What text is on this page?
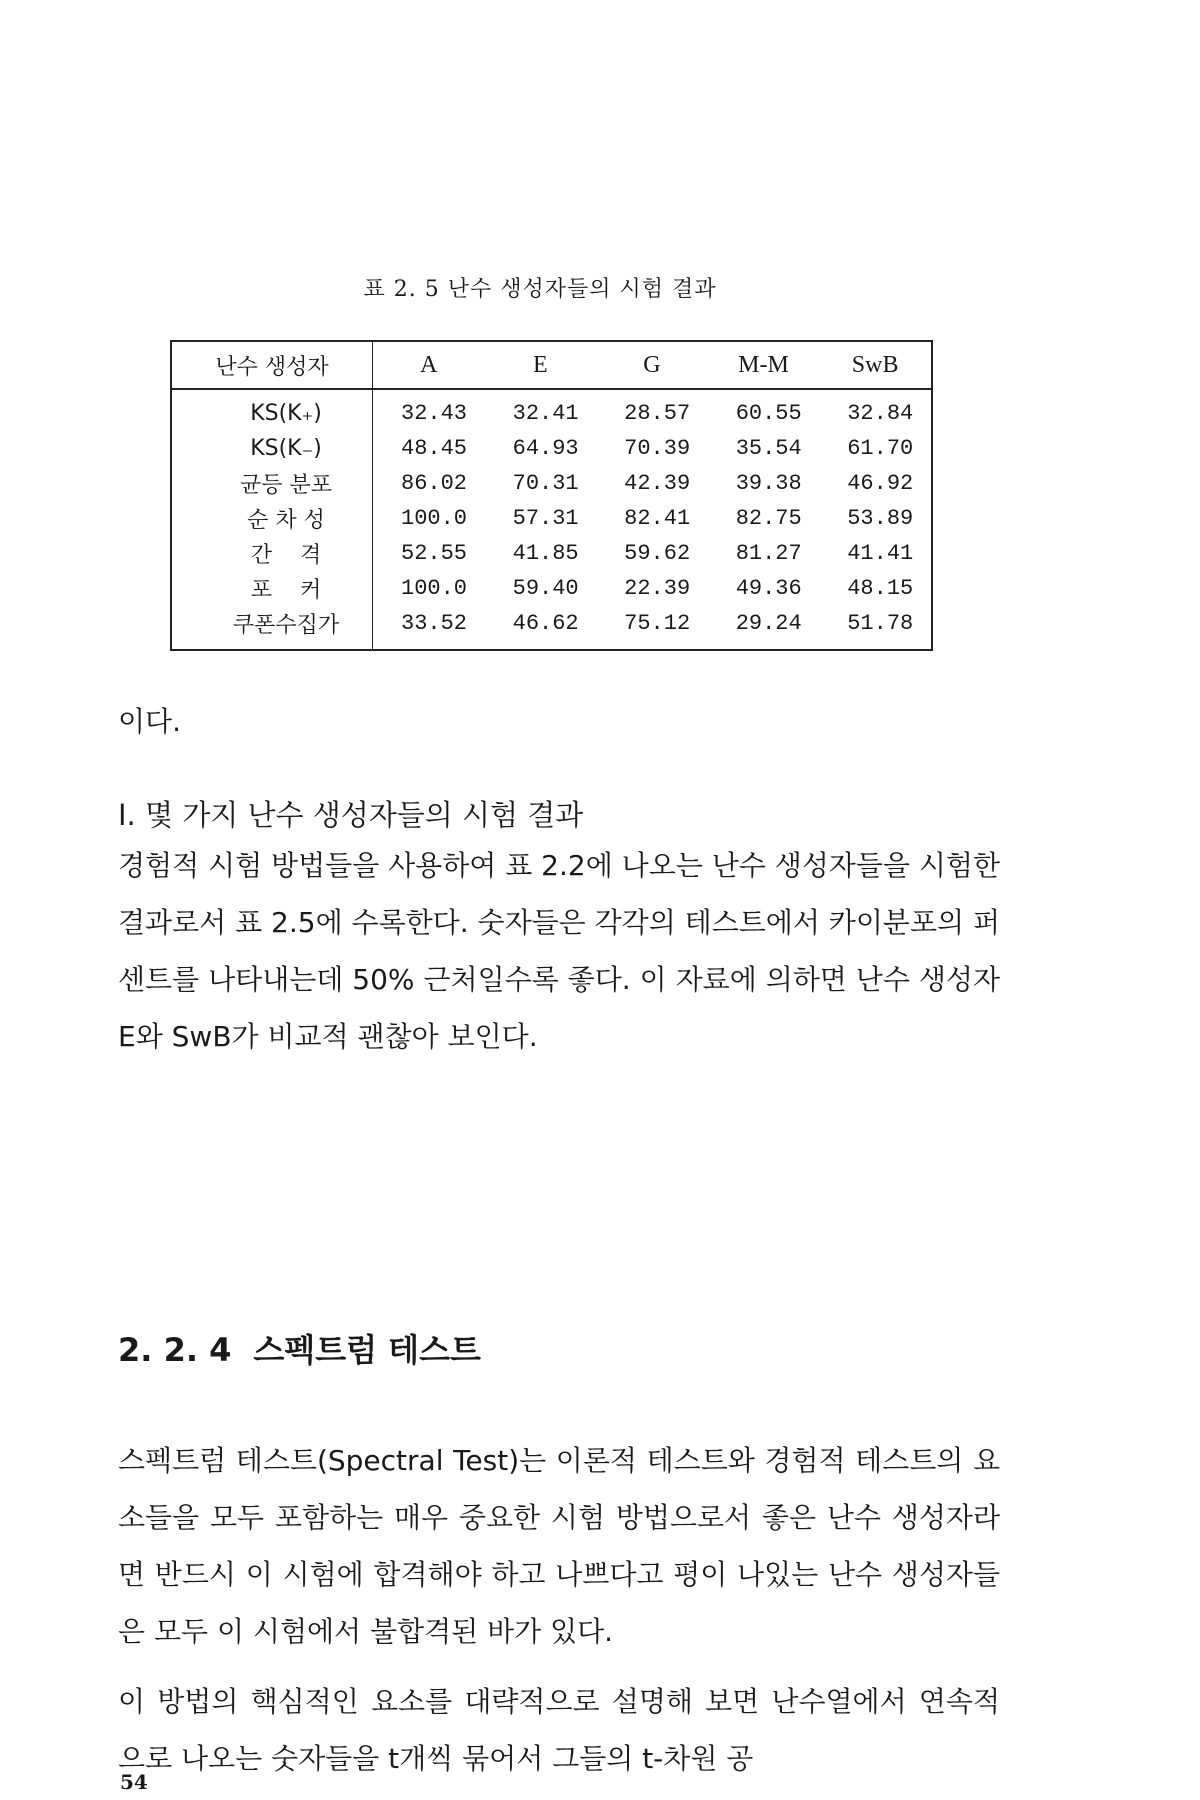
표 2. 5 난수 생성자들의 시험 결과
난수 생성자	A	E	G	M-M	SwB
KS(K₊)	32.43	32.41	28.57	60.55	32.84
KS(K₋)	48.45	64.93	70.39	35.54	61.70
균등 분포	86.02	70.31	42.39	39.38	46.92
순 차 성	100.0	57.31	82.41	82.75	53.89
간    격	52.55	41.85	59.62	81.27	41.41
포    커	100.0	59.40	22.39	49.36	48.15
쿠폰수집가	33.52	46.62	75.12	29.24	51.78
이다.
Ⅰ. 몇 가지 난수 생성자들의 시험 결과
경험적 시험 방법들을 사용하여 표 2.2에 나오는 난수 생성자들을 시험한 결과로서 표 2.5에 수록한다. 숫자들은 각각의 테스트에서 카이분포의 퍼센트를 나타내는데 50% 근처일수록 좋다. 이 자료에 의하면 난수 생성자 E와 SwB가 비교적 괜찮아 보인다.
2. 2. 4 스펙트럼 테스트
스펙트럼 테스트(Spectral Test)는 이론적 테스트와 경험적 테스트의 요소들을 모두 포함하는 매우 중요한 시험 방법으로서 좋은 난수 생성자라면 반드시 이 시험에 합격해야 하고 나쁘다고 평이 나있는 난수 생성자들은 모두 이 시험에서 불합격된 바가 있다.
이 방법의 핵심적인 요소를 대략적으로 설명해 보면 난수열에서 연속적으로 나오는 숫자들을 t개씩 묶어서 그들의 t-차원 공
54
